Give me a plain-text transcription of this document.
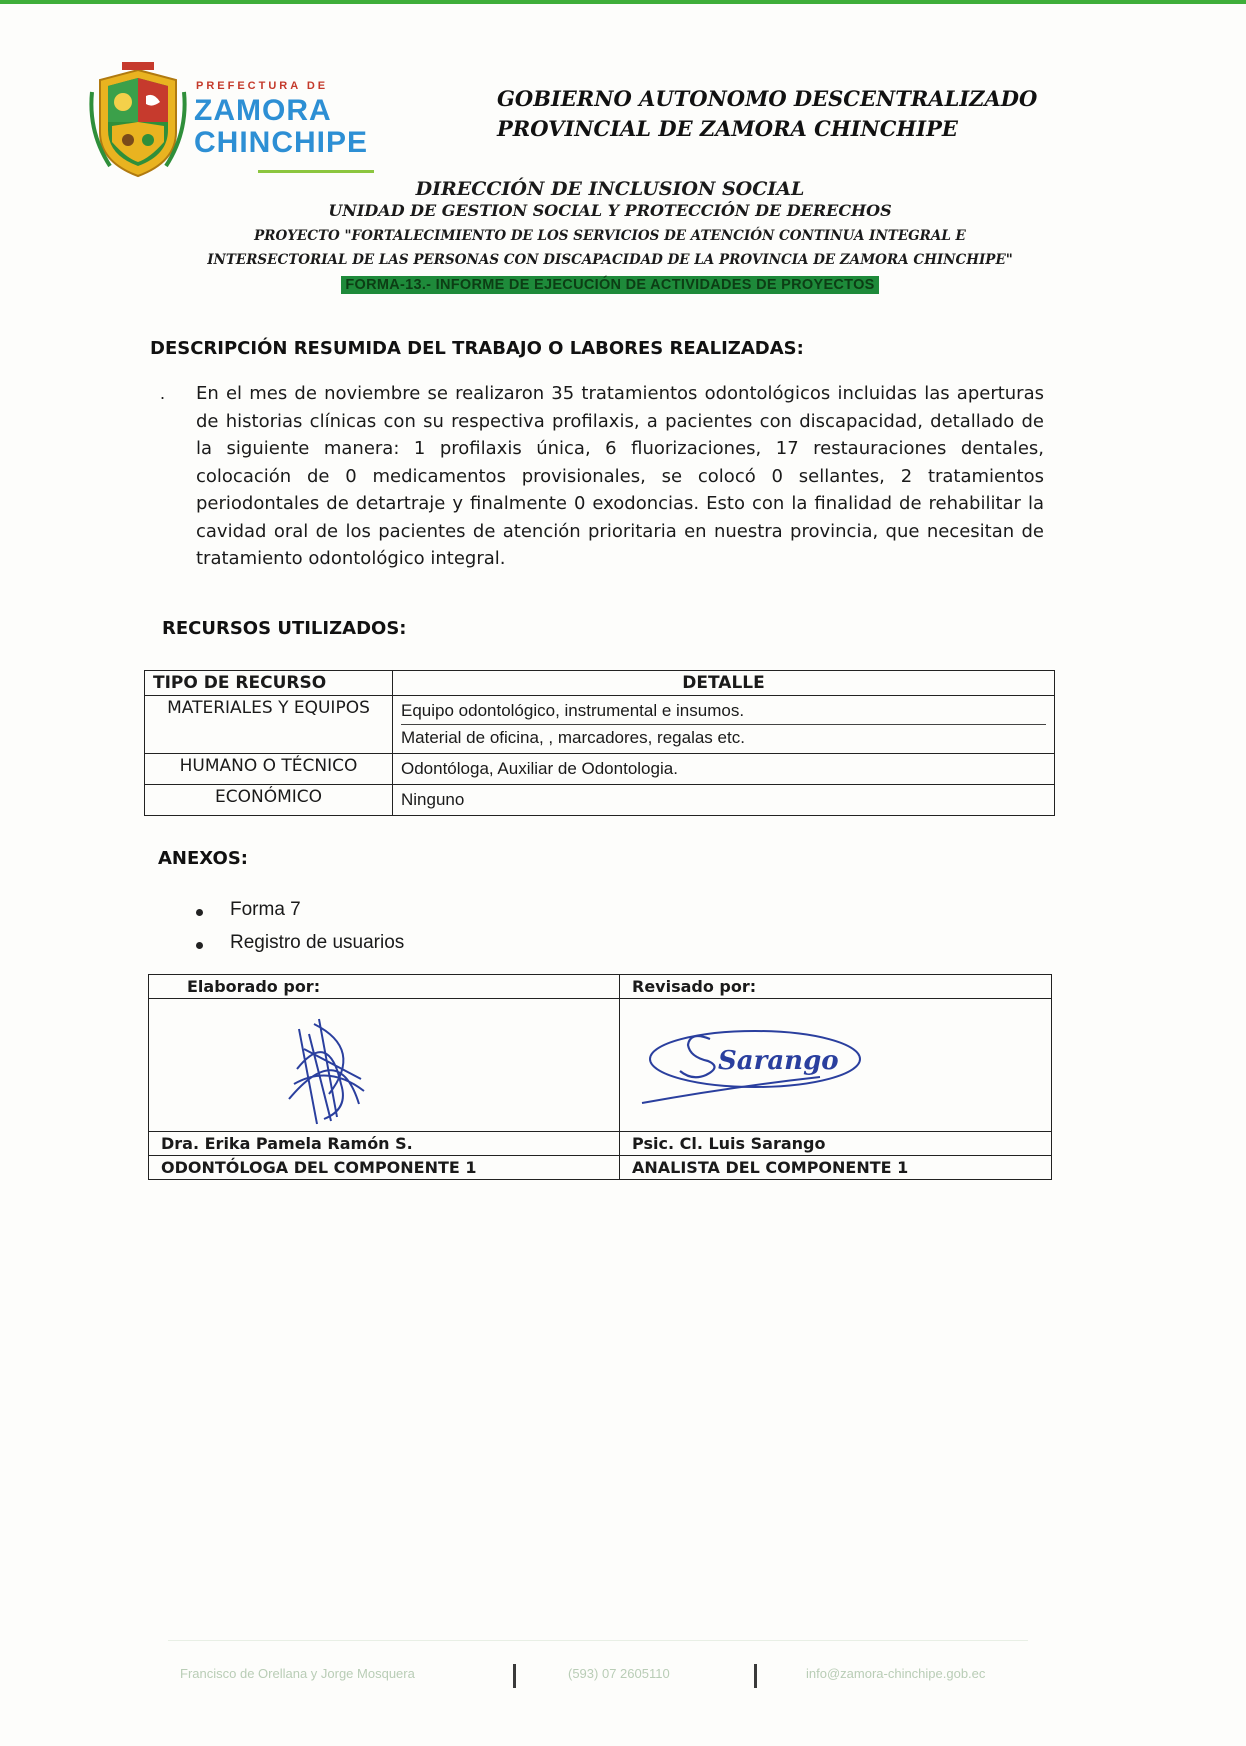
PREFECTURA DE
ZAMORA
CHINCHIPE
GOBIERNO AUTONOMO DESCENTRALIZADO
PROVINCIAL DE ZAMORA CHINCHIPE
DIRECCIÓN DE INCLUSION SOCIAL
UNIDAD DE GESTION SOCIAL Y PROTECCIÓN DE DERECHOS
PROYECTO "FORTALECIMIENTO DE LOS SERVICIOS DE ATENCIÓN CONTINUA INTEGRAL E
INTERSECTORIAL DE LAS PERSONAS CON DISCAPACIDAD DE LA PROVINCIA DE ZAMORA CHINCHIPE"
FORMA-13.- INFORME DE EJECUCIÓN DE ACTIVIDADES DE PROYECTOS
DESCRIPCIÓN RESUMIDA DEL TRABAJO O LABORES REALIZADAS:
. En el mes de noviembre se realizaron 35 tratamientos odontológicos incluidas las aperturas de historias clínicas con su respectiva profilaxis, a pacientes con discapacidad, detallado de la siguiente manera: 1 profilaxis única, 6 fluorizaciones, 17 restauraciones dentales, colocación de 0 medicamentos provisionales, se colocó 0 sellantes, 2 tratamientos periodontales de detartraje y finalmente 0 exodoncias. Esto con la finalidad de rehabilitar la cavidad oral de los pacientes de atención prioritaria en nuestra provincia, que necesitan de tratamiento odontológico integral.
RECURSOS UTILIZADOS:
TIPO DE RECURSO	DETALLE
MATERIALES Y EQUIPOS	Equipo odontológico, instrumental e insumos.
Material de oficina, , marcadores, regalas etc.

HUMANO O TÉCNICO	Odontóloga, Auxiliar de Odontologia.
ECONÓMICO	Ninguno
ANEXOS:
Forma 7
Registro de usuarios
Elaborado por:	Revisado por:

Sarango

Dra. Erika Pamela Ramón S.	Psic. Cl. Luis Sarango
ODONTÓLOGA DEL COMPONENTE 1	ANALISTA DEL COMPONENTE 1
Francisco de Orellana y Jorge Mosquera	(593) 07 2605110	info@zamora-chinchipe.gob.ec
